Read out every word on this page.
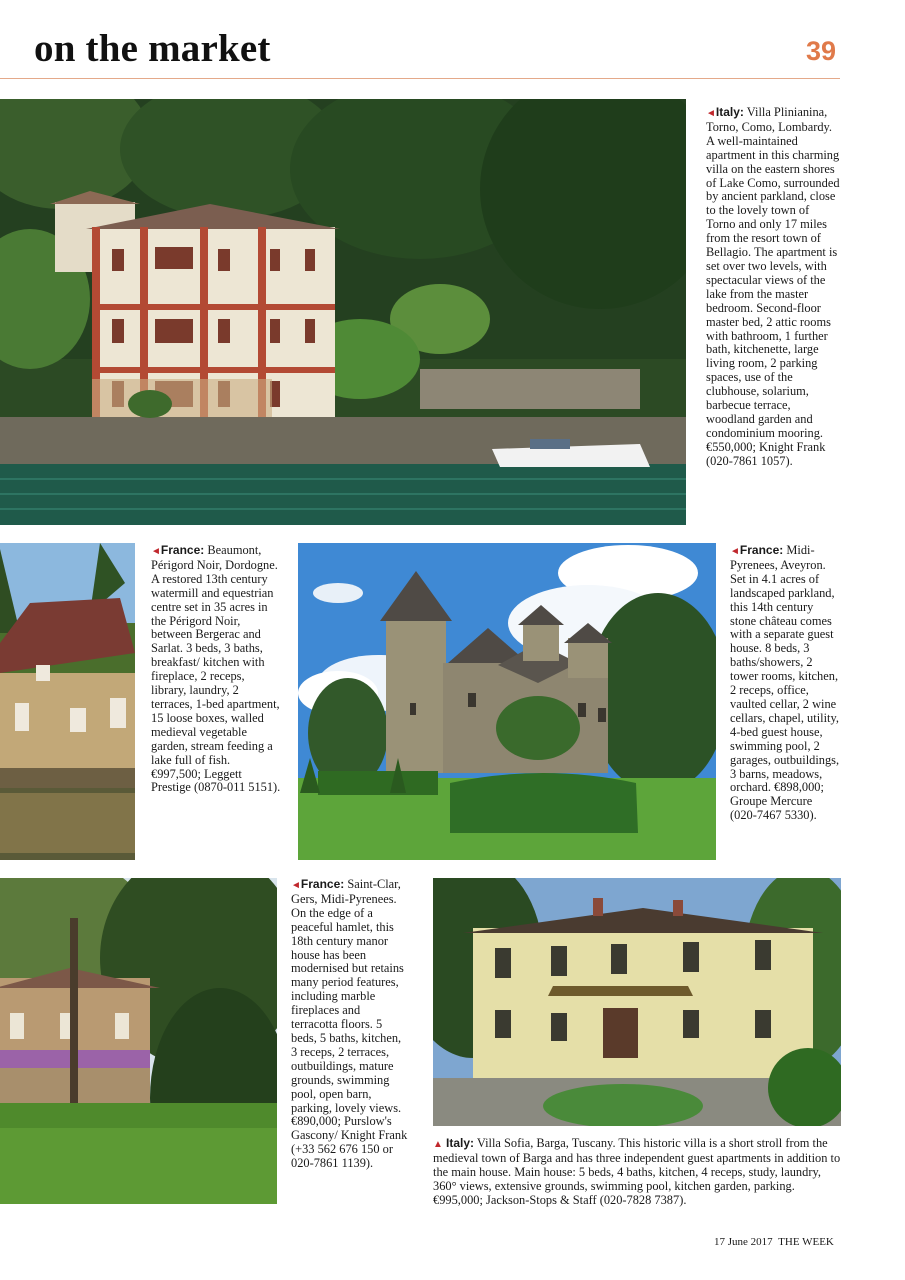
on the market	39
◄Italy: Villa Plinianina, Torno, Como, Lombardy. A well-maintained apartment in this charming villa on the eastern shores of Lake Como, surrounded by ancient parkland, close to the lovely town of Torno and only 17 miles from the resort town of Bellagio. The apartment is set over two levels, with spectacular views of the lake from the master bedroom. Second-floor master bed, 2 attic rooms with bathroom, 1 further bath, kitchenette, large living room, 2 parking spaces, use of the clubhouse, solarium, barbecue terrace, woodland garden and condominium mooring. €550,000; Knight Frank (020-7861 1057).
◄France: Beaumont, Périgord Noir, Dordogne. A restored 13th century watermill and equestrian centre set in 35 acres in the Périgord Noir, between Bergerac and Sarlat. 3 beds, 3 baths, breakfast/ kitchen with fireplace, 2 receps, library, laundry, 2 terraces, 1-bed apartment, 15 loose boxes, walled medieval vegetable garden, stream feeding a lake full of fish. €997,500; Leggett Prestige (0870-011 5151).
◄France: Midi-Pyrenees, Aveyron. Set in 4.1 acres of landscaped parkland, this 14th century stone château comes with a separate guest house. 8 beds, 3 baths/showers, 2 tower rooms, kitchen, 2 receps, office, vaulted cellar, 2 wine cellars, chapel, utility, 4-bed guest house, swimming pool, 2 garages, outbuildings, 3 barns, meadows, orchard. €898,000; Groupe Mercure (020-7467 5330).
◄France: Saint-Clar, Gers, Midi-Pyrenees. On the edge of a peaceful hamlet, this 18th century manor house has been modernised but retains many period features, including marble fireplaces and terracotta floors. 5 beds, 5 baths, kitchen, 3 receps, 2 terraces, outbuildings, mature grounds, swimming pool, open barn, parking, lovely views. €890,000; Purslow's Gascony/ Knight Frank (+33 562 676 150 or 020-7861 1139).
▲ Italy: Villa Sofia, Barga, Tuscany. This historic villa is a short stroll from the medieval town of Barga and has three independent guest apartments in addition to the main house. Main house: 5 beds, 4 baths, kitchen, 4 receps, study, laundry, 360° views, extensive grounds, swimming pool, kitchen garden, parking. €995,000; Jackson-Stops & Staff (020-7828 7387).
17 June 2017 THE WEEK
